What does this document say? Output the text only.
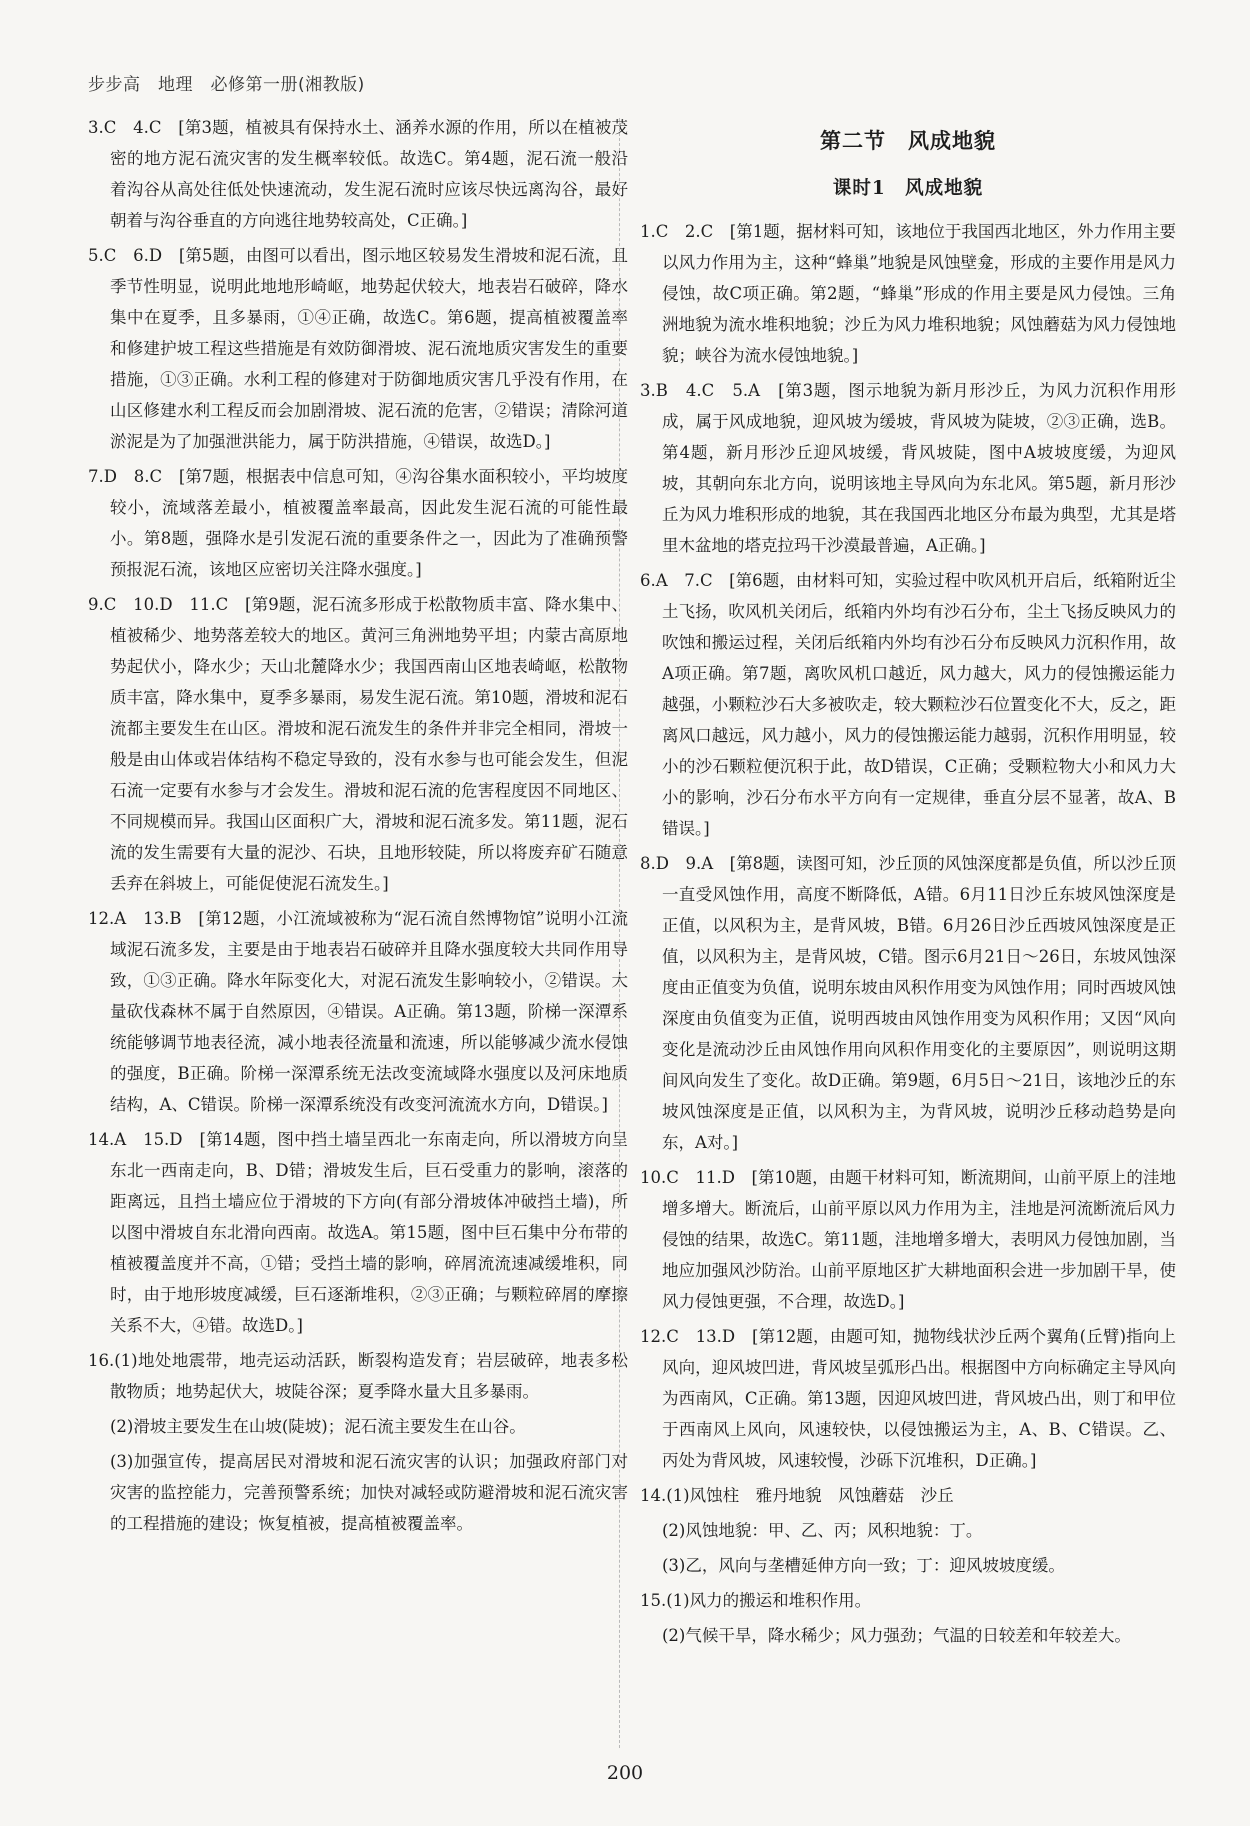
步步高　地理　必修第一册(湘教版)

3.C　4.C　[第3题，植被具有保持水土、涵养水源的作用，所以在植被茂密的地方泥石流灾害的发生概率较低。故选C。第4题，泥石流一般沿着沟谷从高处往低处快速流动，发生泥石流时应该尽快远离沟谷，最好朝着与沟谷垂直的方向逃往地势较高处，C正确。]

5.C　6.D　[第5题，由图可以看出，图示地区较易发生滑坡和泥石流，且季节性明显，说明此地地形崎岖，地势起伏较大，地表岩石破碎，降水集中在夏季，且多暴雨，①④正确，故选C。第6题，提高植被覆盖率和修建护坡工程这些措施是有效防御滑坡、泥石流地质灾害发生的重要措施，①③正确。水利工程的修建对于防御地质灾害几乎没有作用，在山区修建水利工程反而会加剧滑坡、泥石流的危害，②错误；清除河道淤泥是为了加强泄洪能力，属于防洪措施，④错误，故选D。]

7.D　8.C　[第7题，根据表中信息可知，④沟谷集水面积较小，平均坡度较小，流域落差最小，植被覆盖率最高，因此发生泥石流的可能性最小。第8题，强降水是引发泥石流的重要条件之一，因此为了准确预警预报泥石流，该地区应密切关注降水强度。]

9.C　10.D　11.C　[第9题，泥石流多形成于松散物质丰富、降水集中、植被稀少、地势落差较大的地区。黄河三角洲地势平坦；内蒙古高原地势起伏小，降水少；天山北麓降水少；我国西南山区地表崎岖，松散物质丰富，降水集中，夏季多暴雨，易发生泥石流。第10题，滑坡和泥石流都主要发生在山区。滑坡和泥石流发生的条件并非完全相同，滑坡一般是由山体或岩体结构不稳定导致的，没有水参与也可能会发生，但泥石流一定要有水参与才会发生。滑坡和泥石流的危害程度因不同地区、不同规模而异。我国山区面积广大，滑坡和泥石流多发。第11题，泥石流的发生需要有大量的泥沙、石块，且地形较陡，所以将废弃矿石随意丢弃在斜坡上，可能促使泥石流发生。]

12.A　13.B　[第12题，小江流域被称为“泥石流自然博物馆”说明小江流域泥石流多发，主要是由于地表岩石破碎并且降水强度较大共同作用导致，①③正确。降水年际变化大，对泥石流发生影响较小，②错误。大量砍伐森林不属于自然原因，④错误。A正确。第13题，阶梯一深潭系统能够调节地表径流，减小地表径流量和流速，所以能够减少流水侵蚀的强度，B正确。阶梯一深潭系统无法改变流域降水强度以及河床地质结构，A、C错误。阶梯一深潭系统没有改变河流流水方向，D错误。]

14.A　15.D　[第14题，图中挡土墙呈西北一东南走向，所以滑坡方向呈东北一西南走向，B、D错；滑坡发生后，巨石受重力的影响，滚落的距离远，且挡土墙应位于滑坡的下方向(有部分滑坡体冲破挡土墙)，所以图中滑坡自东北滑向西南。故选A。第15题，图中巨石集中分布带的植被覆盖度并不高，①错；受挡土墙的影响，碎屑流流速减缓堆积，同时，由于地形坡度减缓，巨石逐渐堆积，②③正确；与颗粒碎屑的摩擦关系不大，④错。故选D。]

16.(1)地处地震带，地壳运动活跃，断裂构造发育；岩层破碎，地表多松散物质；地势起伏大，坡陡谷深；夏季降水量大且多暴雨。

(2)滑坡主要发生在山坡(陡坡)；泥石流主要发生在山谷。

(3)加强宣传，提高居民对滑坡和泥石流灾害的认识；加强政府部门对灾害的监控能力，完善预警系统；加快对减轻或防避滑坡和泥石流灾害的工程措施的建设；恢复植被，提高植被覆盖率。

第二节　风成地貌
课时1　风成地貌

1.C　2.C　[第1题，据材料可知，该地位于我国西北地区，外力作用主要以风力作用为主，这种“蜂巢”地貌是风蚀壁龛，形成的主要作用是风力侵蚀，故C项正确。第2题，“蜂巢”形成的作用主要是风力侵蚀。三角洲地貌为流水堆积地貌；沙丘为风力堆积地貌；风蚀蘑菇为风力侵蚀地貌；峡谷为流水侵蚀地貌。]

3.B　4.C　5.A　[第3题，图示地貌为新月形沙丘，为风力沉积作用形成，属于风成地貌，迎风坡为缓坡，背风坡为陡坡，②③正确，选B。第4题，新月形沙丘迎风坡缓，背风坡陡，图中A坡坡度缓，为迎风坡，其朝向东北方向，说明该地主导风向为东北风。第5题，新月形沙丘为风力堆积形成的地貌，其在我国西北地区分布最为典型，尤其是塔里木盆地的塔克拉玛干沙漠最普遍，A正确。]

6.A　7.C　[第6题，由材料可知，实验过程中吹风机开启后，纸箱附近尘土飞扬，吹风机关闭后，纸箱内外均有沙石分布，尘土飞扬反映风力的吹蚀和搬运过程，关闭后纸箱内外均有沙石分布反映风力沉积作用，故A项正确。第7题，离吹风机口越近，风力越大，风力的侵蚀搬运能力越强，小颗粒沙石大多被吹走，较大颗粒沙石位置变化不大，反之，距离风口越远，风力越小，风力的侵蚀搬运能力越弱，沉积作用明显，较小的沙石颗粒便沉积于此，故D错误，C正确；受颗粒物大小和风力大小的影响，沙石分布水平方向有一定规律，垂直分层不显著，故A、B错误。]

8.D　9.A　[第8题，读图可知，沙丘顶的风蚀深度都是负值，所以沙丘顶一直受风蚀作用，高度不断降低，A错。6月11日沙丘东坡风蚀深度是正值，以风积为主，是背风坡，B错。6月26日沙丘西坡风蚀深度是正值，以风积为主，是背风坡，C错。图示6月21日～26日，东坡风蚀深度由正值变为负值，说明东坡由风积作用变为风蚀作用；同时西坡风蚀深度由负值变为正值，说明西坡由风蚀作用变为风积作用；又因“风向变化是流动沙丘由风蚀作用向风积作用变化的主要原因”，则说明这期间风向发生了变化。故D正确。第9题，6月5日～21日，该地沙丘的东坡风蚀深度是正值，以风积为主，为背风坡，说明沙丘移动趋势是向东，A对。]

10.C　11.D　[第10题，由题干材料可知，断流期间，山前平原上的洼地增多增大。断流后，山前平原以风力作用为主，洼地是河流断流后风力侵蚀的结果，故选C。第11题，洼地增多增大，表明风力侵蚀加剧，当地应加强风沙防治。山前平原地区扩大耕地面积会进一步加剧干旱，使风力侵蚀更强，不合理，故选D。]

12.C　13.D　[第12题，由题可知，抛物线状沙丘两个翼角(丘臂)指向上风向，迎风坡凹进，背风坡呈弧形凸出。根据图中方向标确定主导风向为西南风，C正确。第13题，因迎风坡凹进，背风坡凸出，则丁和甲位于西南风上风向，风速较快，以侵蚀搬运为主，A、B、C错误。乙、丙处为背风坡，风速较慢，沙砾下沉堆积，D正确。]

14.(1)风蚀柱　雅丹地貌　风蚀蘑菇　沙丘

(2)风蚀地貌：甲、乙、丙；风积地貌：丁。

(3)乙，风向与垄槽延伸方向一致；丁：迎风坡坡度缓。

15.(1)风力的搬运和堆积作用。

(2)气候干旱，降水稀少；风力强劲；气温的日较差和年较差大。

200
